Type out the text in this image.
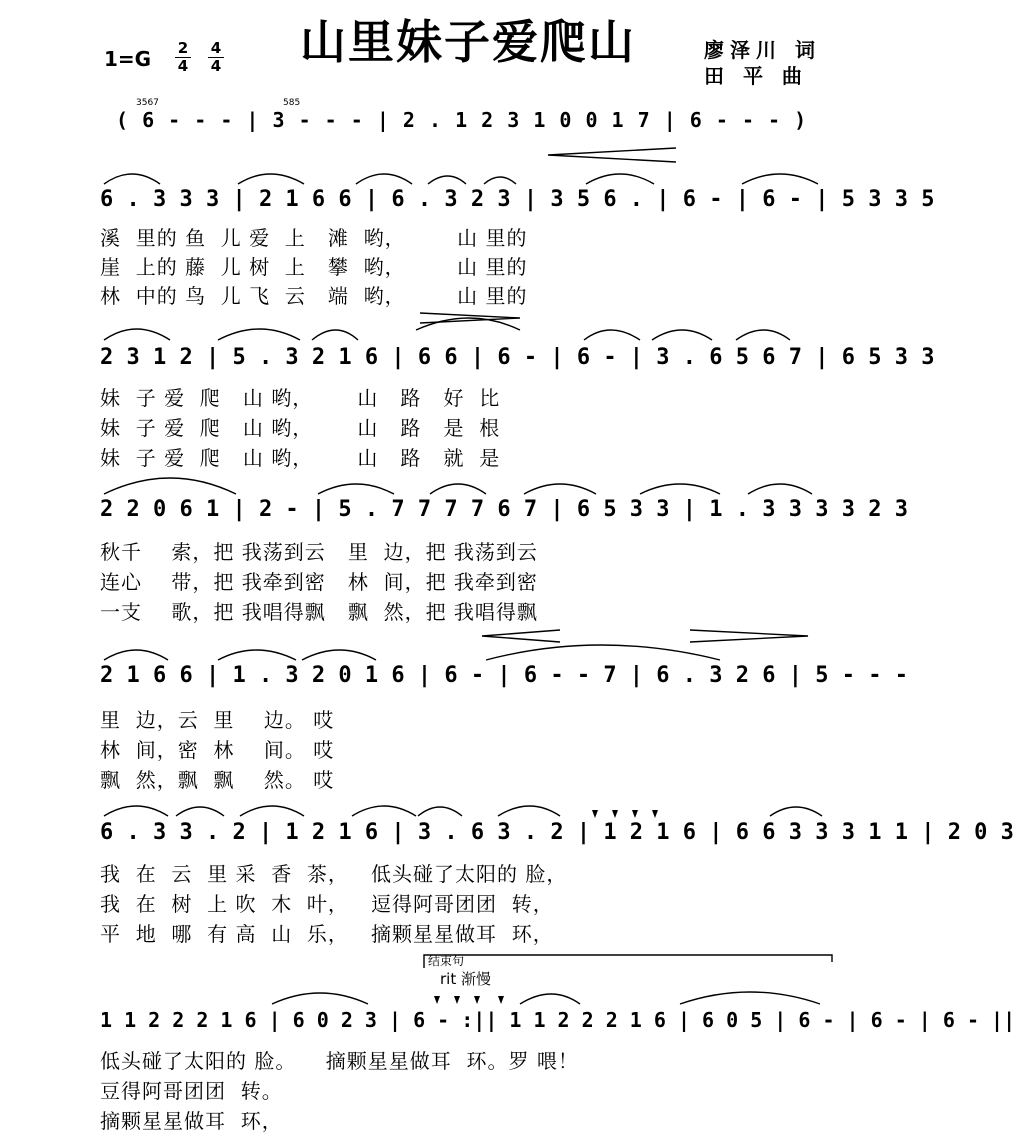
山里妹子爱爬山
$1=G \frac{2}{4} \frac{4}{4}$	廖泽川 词
田 平 曲
( 6 - - - | 3 - - - | 2 . 1 2 3 1 0 0 1 7 | 6 - - - )
3567	585
6 . 3 3 3 | 2 1 6 6 | 6 . 3 2 3 | 3 5 6 . | 6 - | 6 - | 5 3 3 5
溪  里的 鱼  儿 爱  上   滩  哟，       山 里的
崖  上的 藤  儿 树  上   攀  哟，       山 里的
林  中的 鸟  儿 飞  云   端  哟，       山 里的
2 3 1 2 | 5 . 3 2 1 6 | 6 6 | 6 - | 6 - | 3 . 6 5 6 7 | 6 5 3 3
妹  子 爱  爬   山 哟，      山   路   好  比
妹  子 爱  爬   山 哟，      山   路   是  根
妹  子 爱  爬   山 哟，      山   路   就  是
2 2 0 6 1 | 2 - | 5 . 7 7 7 7 6 7 | 6 5 3 3 | 1 . 3 3 3 3 2 3
秋千    索，把 我荡到云   里  边，把 我荡到云
连心    带，把 我牵到密   林  间，把 我牵到密
一支    歌，把 我唱得飘   飘  然，把 我唱得飘
2 1 6 6 | 1 . 3 2 0 1 6 | 6 - | 6 - - 7 | 6 . 3 2 6 | 5 - - -
里  边，云  里    边。 哎
林  间，密  林    间。 哎
飘  然，飘  飘    然。 哎
6 . 3 3 . 2 | 1 2 1 6 | 3 . 6 3 . 2 | 1 2 1 6 | 6 6 3 3 3 1 1 | 2 0 3
我  在  云  里 采  香  茶，   低头碰了太阳的 脸，
我  在  树  上 吹  木  叶，   逗得阿哥团团  转，
平  地  哪  有 高  山  乐，   摘颗星星做耳  环，
结束句
rit 渐慢
1 1 2 2 2 1 6 | 6 0 2 3 | 6 - :|| 1 1 2 2 2 1 6 | 6 0 5 | 6 - | 6 - | 6 - ||
低头碰了太阳的 脸。    摘颗星星做耳  环。罗 喂！
豆得阿哥团团  转。
摘颗星星做耳  环，
